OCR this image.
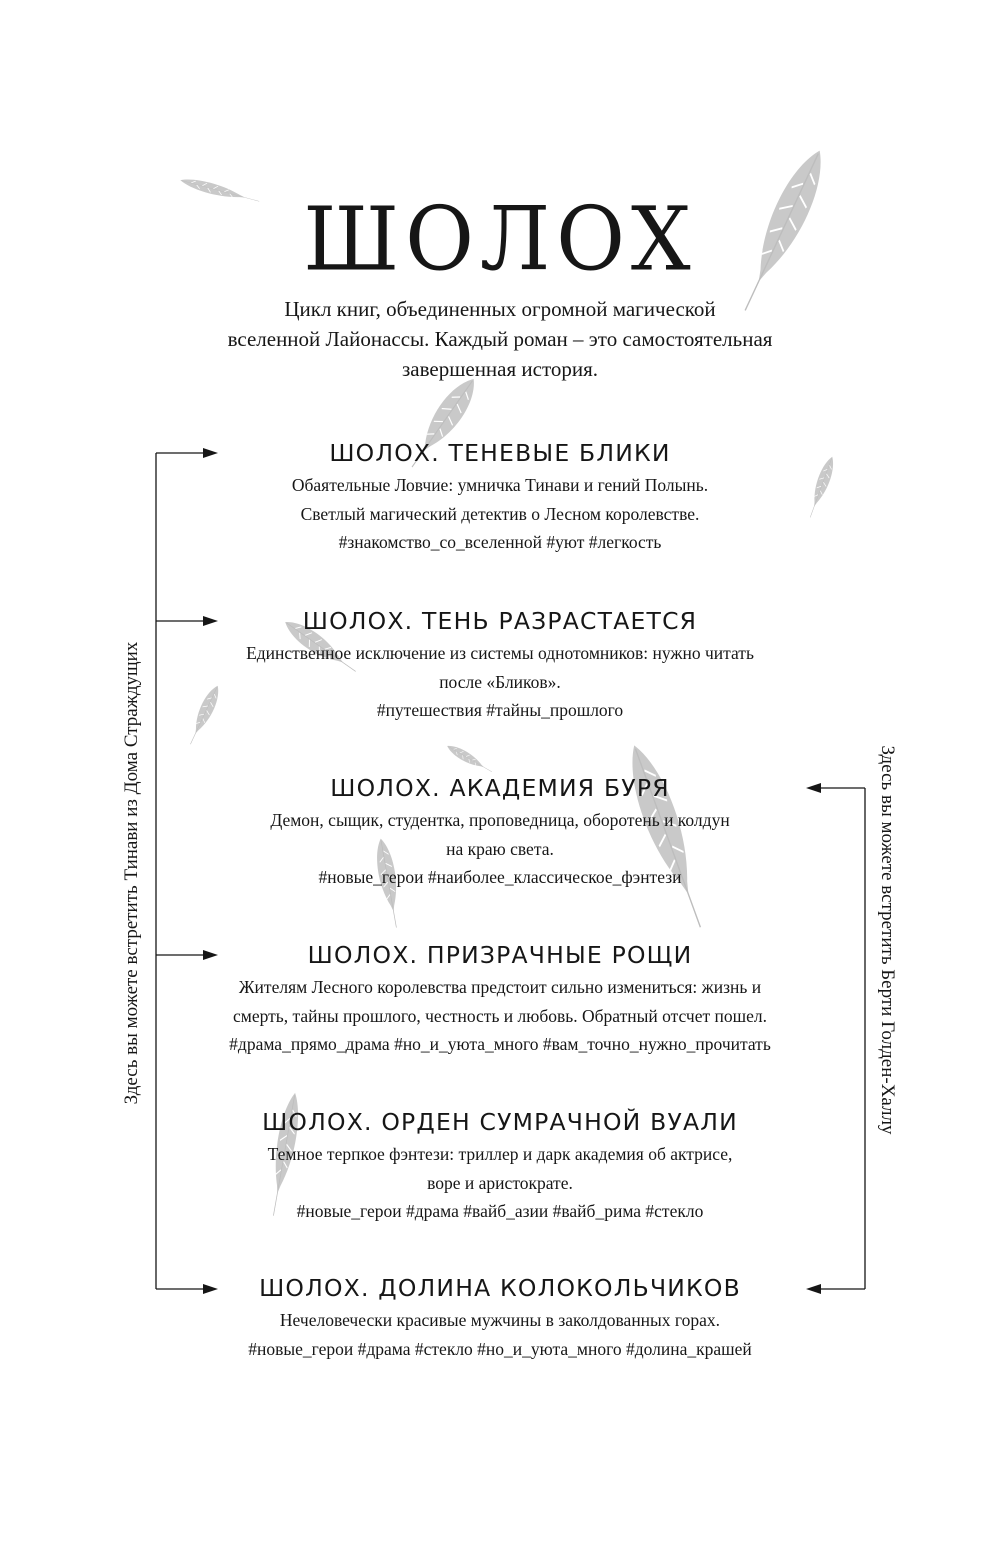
ШОЛОХ
Цикл книг, объединенных огромной магической
вселенной Лайонассы. Каждый роман – это самостоятельная
завершенная история.
ШОЛОХ. ТЕНЕВЫЕ БЛИКИ
Обаятельные Ловчие: умничка Тинави и гений Полынь.
Светлый магический детектив о Лесном королевстве.
#знакомство_со_вселенной #уют #легкость
ШОЛОХ. ТЕНЬ РАЗРАСТАЕТСЯ
Единственное исключение из системы однотомников: нужно читать
после «Бликов».
#путешествия #тайны_прошлого
ШОЛОХ. АКАДЕМИЯ БУРЯ
Демон, сыщик, студентка, проповедница, оборотень и колдун
на краю света.
#новые_герои #наиболее_классическое_фэнтези
ШОЛОХ. ПРИЗРАЧНЫЕ РОЩИ
Жителям Лесного королевства предстоит сильно измениться: жизнь и
смерть, тайны прошлого, честность и любовь. Обратный отсчет пошел.
#драма_прямо_драма #но_и_уюта_много #вам_точно_нужно_прочитать
ШОЛОХ. ОРДЕН СУМРАЧНОЙ ВУАЛИ
Темное терпкое фэнтези: триллер и дарк академия об актрисе,
воре и аристократе.
#новые_герои #драма #вайб_азии #вайб_рима #стекло
ШОЛОХ. ДОЛИНА КОЛОКОЛЬЧИКОВ
Нечеловечески красивые мужчины в заколдованных горах.
#новые_герои #драма #стекло #но_и_уюта_много #долина_крашей
Здесь вы можете встретить Тинави из Дома Страждущих	Здесь вы можете встретить Берти Голден-Халлу
